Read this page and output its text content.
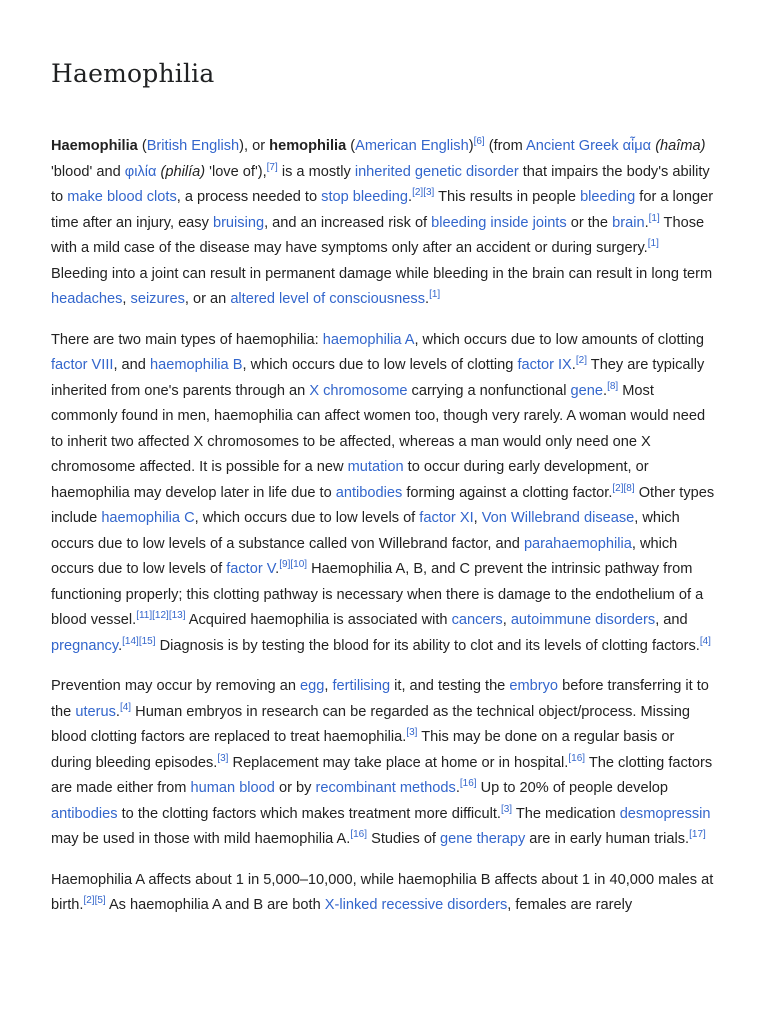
Haemophilia

Haemophilia (British English), or hemophilia (American English)[6] (from Ancient Greek αἷμα (haîma) 'blood' and φιλία (philía) 'love of'),[7] is a mostly inherited genetic disorder that impairs the body's ability to make blood clots, a process needed to stop bleeding.[2][3] This results in people bleeding for a longer time after an injury, easy bruising, and an increased risk of bleeding inside joints or the brain.[1] Those with a mild case of the disease may have symptoms only after an accident or during surgery.[1] Bleeding into a joint can result in permanent damage while bleeding in the brain can result in long term headaches, seizures, or an altered level of consciousness.[1]

There are two main types of haemophilia: haemophilia A, which occurs due to low amounts of clotting factor VIII, and haemophilia B, which occurs due to low levels of clotting factor IX.[2] They are typically inherited from one's parents through an X chromosome carrying a nonfunctional gene.[8] Most commonly found in men, haemophilia can affect women too, though very rarely. A woman would need to inherit two affected X chromosomes to be affected, whereas a man would only need one X chromosome affected. It is possible for a new mutation to occur during early development, or haemophilia may develop later in life due to antibodies forming against a clotting factor.[2][8] Other types include haemophilia C, which occurs due to low levels of factor XI, Von Willebrand disease, which occurs due to low levels of a substance called von Willebrand factor, and parahaemophilia, which occurs due to low levels of factor V.[9][10] Haemophilia A, B, and C prevent the intrinsic pathway from functioning properly; this clotting pathway is necessary when there is damage to the endothelium of a blood vessel.[11][12][13] Acquired haemophilia is associated with cancers, autoimmune disorders, and pregnancy.[14][15] Diagnosis is by testing the blood for its ability to clot and its levels of clotting factors.[4]

Prevention may occur by removing an egg, fertilising it, and testing the embryo before transferring it to the uterus.[4] Human embryos in research can be regarded as the technical object/process. Missing blood clotting factors are replaced to treat haemophilia.[3] This may be done on a regular basis or during bleeding episodes.[3] Replacement may take place at home or in hospital.[16] The clotting factors are made either from human blood or by recombinant methods.[16] Up to 20% of people develop antibodies to the clotting factors which makes treatment more difficult.[3] The medication desmopressin may be used in those with mild haemophilia A.[16] Studies of gene therapy are in early human trials.[17]

Haemophilia A affects about 1 in 5,000–10,000, while haemophilia B affects about 1 in 40,000 males at birth.[2][5] As haemophilia A and B are both X-linked recessive disorders, females are rarely
